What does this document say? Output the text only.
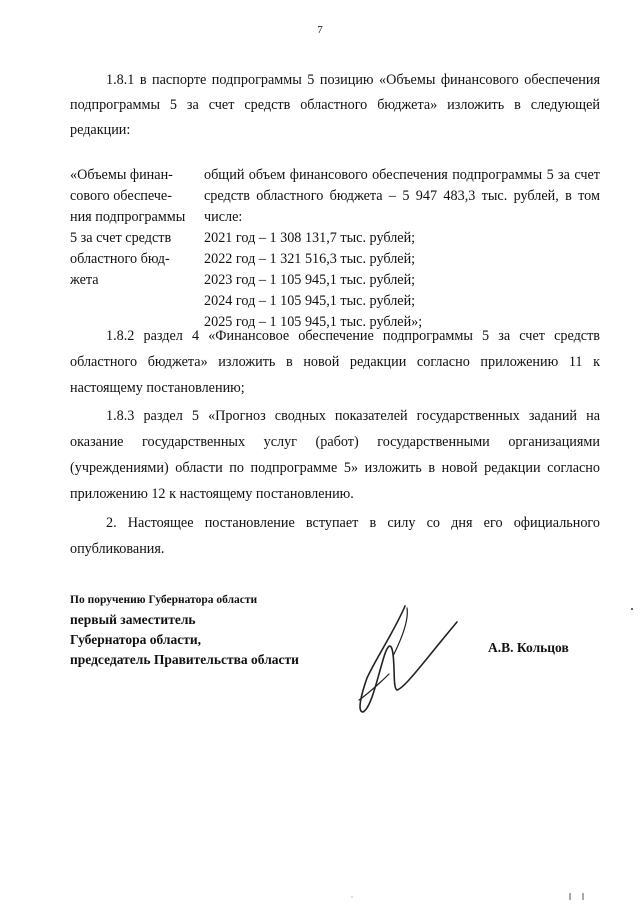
7
1.8.1 в паспорте подпрограммы 5 позицию «Объемы финансового обеспечения подпрограммы 5 за счет средств областного бюджета» изложить в следующей редакции:
«Объемы финан-
сового обеспече-
ния подпрограммы
5 за счет средств
областного бюд-
жета
общий объем финансового обеспечения подпрограммы 5 за счет средств областного бюджета – 5 947 483,3 тыс. рублей, в том числе:
2021 год – 1 308 131,7 тыс. рублей;
2022 год – 1 321 516,3 тыс. рублей;
2023 год – 1 105 945,1 тыс. рублей;
2024 год – 1 105 945,1 тыс. рублей;
2025 год – 1 105 945,1 тыс. рублей»;
1.8.2 раздел 4 «Финансовое обеспечение подпрограммы 5 за счет средств областного бюджета» изложить в новой редакции согласно приложению 11 к настоящему постановлению;
1.8.3 раздел 5 «Прогноз сводных показателей государственных заданий на оказание государственных услуг (работ) государственными организациями (учреждениями) области по подпрограмме 5» изложить в новой редакции согласно приложению 12 к настоящему постановлению.
2. Настоящее постановление вступает в силу со дня его официального опубликования.
По поручению Губернатора области
первый заместитель
Губернатора области,
председатель Правительства области
А.В. Кольцов
